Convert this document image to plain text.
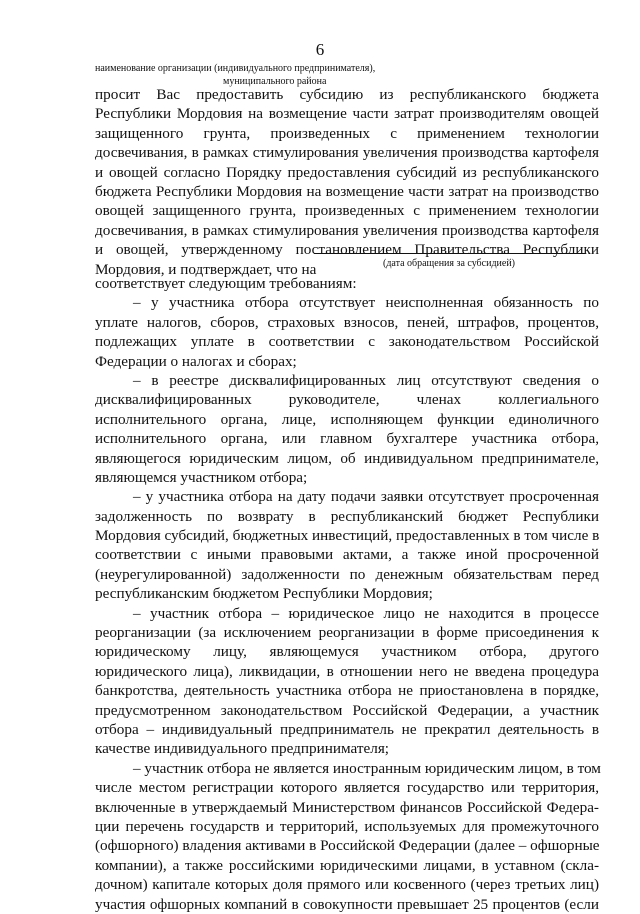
6
наименование организации (индивидуального предпринимателя),
муниципального района
просит Вас предоставить субсидию из республиканского бюджета
Республики Мордовия на возмещение части затрат производителям овощей
защищенного грунта, произведенных с применением технологии
досвечивания, в рамках стимулирования увеличения производства картофеля
и овощей согласно Порядку предоставления субсидий из республиканского
бюджета Республики Мордовия на возмещение части затрат на производство
овощей защищенного грунта, произведенных с применением технологии
досвечивания, в рамках стимулирования увеличения производства картофеля
и овощей, утвержденному постановлением Правительства Республики
Мордовия, и подтверждает, что на	(дата обращения за субсидией)
соответствует следующим требованиям:
– у участника отбора отсутствует неисполненная обязанность по
уплате налогов, сборов, страховых взносов, пеней, штрафов, процентов,
подлежащих уплате в соответствии с законодательством Российской
Федерации о налогах и сборах;
– в реестре дисквалифицированных лиц отсутствуют сведения о
дисквалифицированных руководителе, членах коллегиального
исполнительного органа, лице, исполняющем функции единоличного
исполнительного органа, или главном бухгалтере участника отбора,
являющегося юридическим лицом, об индивидуальном предпринимателе,
являющемся участником отбора;
– у участника отбора на дату подачи заявки отсутствует просроченная
задолженность по возврату в республиканский бюджет Республики
Мордовия субсидий, бюджетных инвестиций, предоставленных в том числе в
соответствии с иными правовыми актами, а также иной просроченной
(неурегулированной) задолженности по денежным обязательствам перед
республиканским бюджетом Республики Мордовия;
– участник отбора – юридическое лицо не находится в процессе
реорганизации (за исключением реорганизации в форме присоединения к
юридическому лицу, являющемуся участником отбора, другого
юридического лица), ликвидации, в отношении него не введена процедура
банкротства, деятельность участника отбора не приостановлена в порядке,
предусмотренном законодательством Российской Федерации, а участник
отбора – индивидуальный предприниматель не прекратил деятельность в
качестве индивидуального предпринимателя;
– участник отбора не является иностранным юридическим лицом, в том
числе местом регистрации которого является государство или территория,
включенные в утверждаемый Министерством финансов Российской Федера-
ции перечень государств и территорий, используемых для промежуточного
(офшорного) владения активами в Российской Федерации (далее – офшорные
компании), а также российскими юридическими лицами, в уставном (скла-
дочном) капитале которых доля прямого или косвенного (через третьих лиц)
участия офшорных компаний в совокупности превышает 25 процентов (если
